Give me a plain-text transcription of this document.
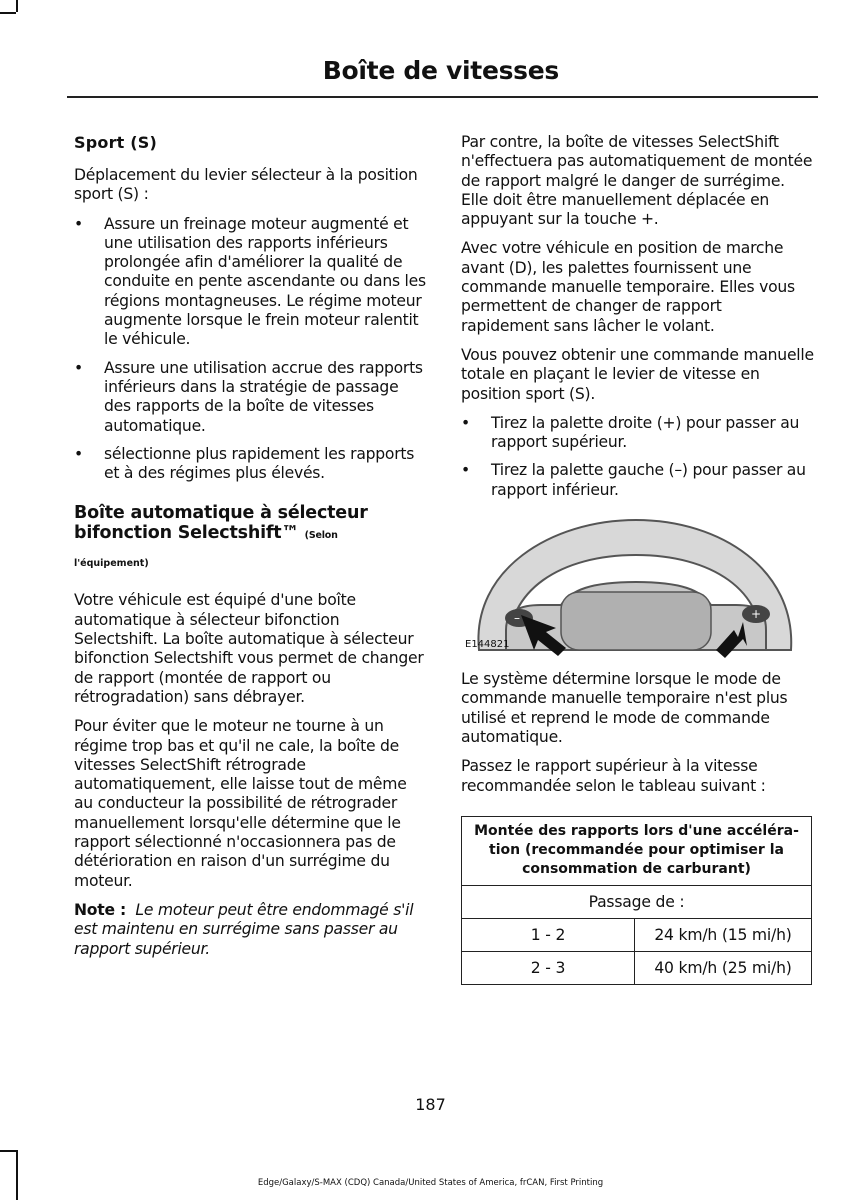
Boîte de vitesses
Sport (S)

Déplacement du levier sélecteur à la position sport (S) :

• Assure un freinage moteur augmenté et une utilisation des rapports inférieurs prolongée afin d'améliorer la qualité de conduite en pente ascendante ou dans les régions montagneuses. Le régime moteur augmente lorsque le frein moteur ralentit le véhicule.
• Assure une utilisation accrue des rapports inférieurs dans la stratégie de passage des rapports de la boîte de vitesses automatique.
• sélectionne plus rapidement les rapports et à des régimes plus élevés.
Boîte automatique à sélecteur bifonction Selectshift™ (Selon
l'équipement)

Votre véhicule est équipé d'une boîte automatique à sélecteur bifonction Selectshift. La boîte automatique à sélecteur bifonction Selectshift vous permet de changer de rapport (montée de rapport ou rétrogradation) sans débrayer.

Pour éviter que le moteur ne tourne à un régime trop bas et qu'il ne cale, la boîte de vitesses SelectShift rétrograde automatiquement, elle laisse tout de même au conducteur la possibilité de rétrograder manuellement lorsqu'elle détermine que le rapport sélectionné n'occasionnera pas de détérioration en raison d'un surrégime du moteur.

Note : Le moteur peut être endommagé s'il est maintenu en surrégime sans passer au rapport supérieur.

Par contre, la boîte de vitesses SelectShift n'effectuera pas automatiquement de montée de rapport malgré le danger de surrégime. Elle doit être manuellement déplacée en appuyant sur la touche +.

Avec votre véhicule en position de marche avant (D), les palettes fournissent une commande manuelle temporaire. Elles vous permettent de changer de rapport rapidement sans lâcher le volant.

Vous pouvez obtenir une commande manuelle totale en plaçant le levier de vitesse en position sport (S).

• Tirez la palette droite (+) pour passer au rapport supérieur.
• Tirez la palette gauche (–) pour passer au rapport inférieur.
–	+
E144821

Le système détermine lorsque le mode de commande manuelle temporaire n'est plus utilisé et reprend le mode de commande automatique.

Passez le rapport supérieur à la vitesse recommandée selon le tableau suivant :

Montée des rapports lors d'une accéléra-tion (recommandée pour optimiser la consommation de carburant)	
Passage de :	
1 - 2	24 km/h (15 mi/h)
2 - 3	40 km/h (25 mi/h)
187
Edge/Galaxy/S-MAX (CDQ) Canada/United States of America, frCAN, First Printing
